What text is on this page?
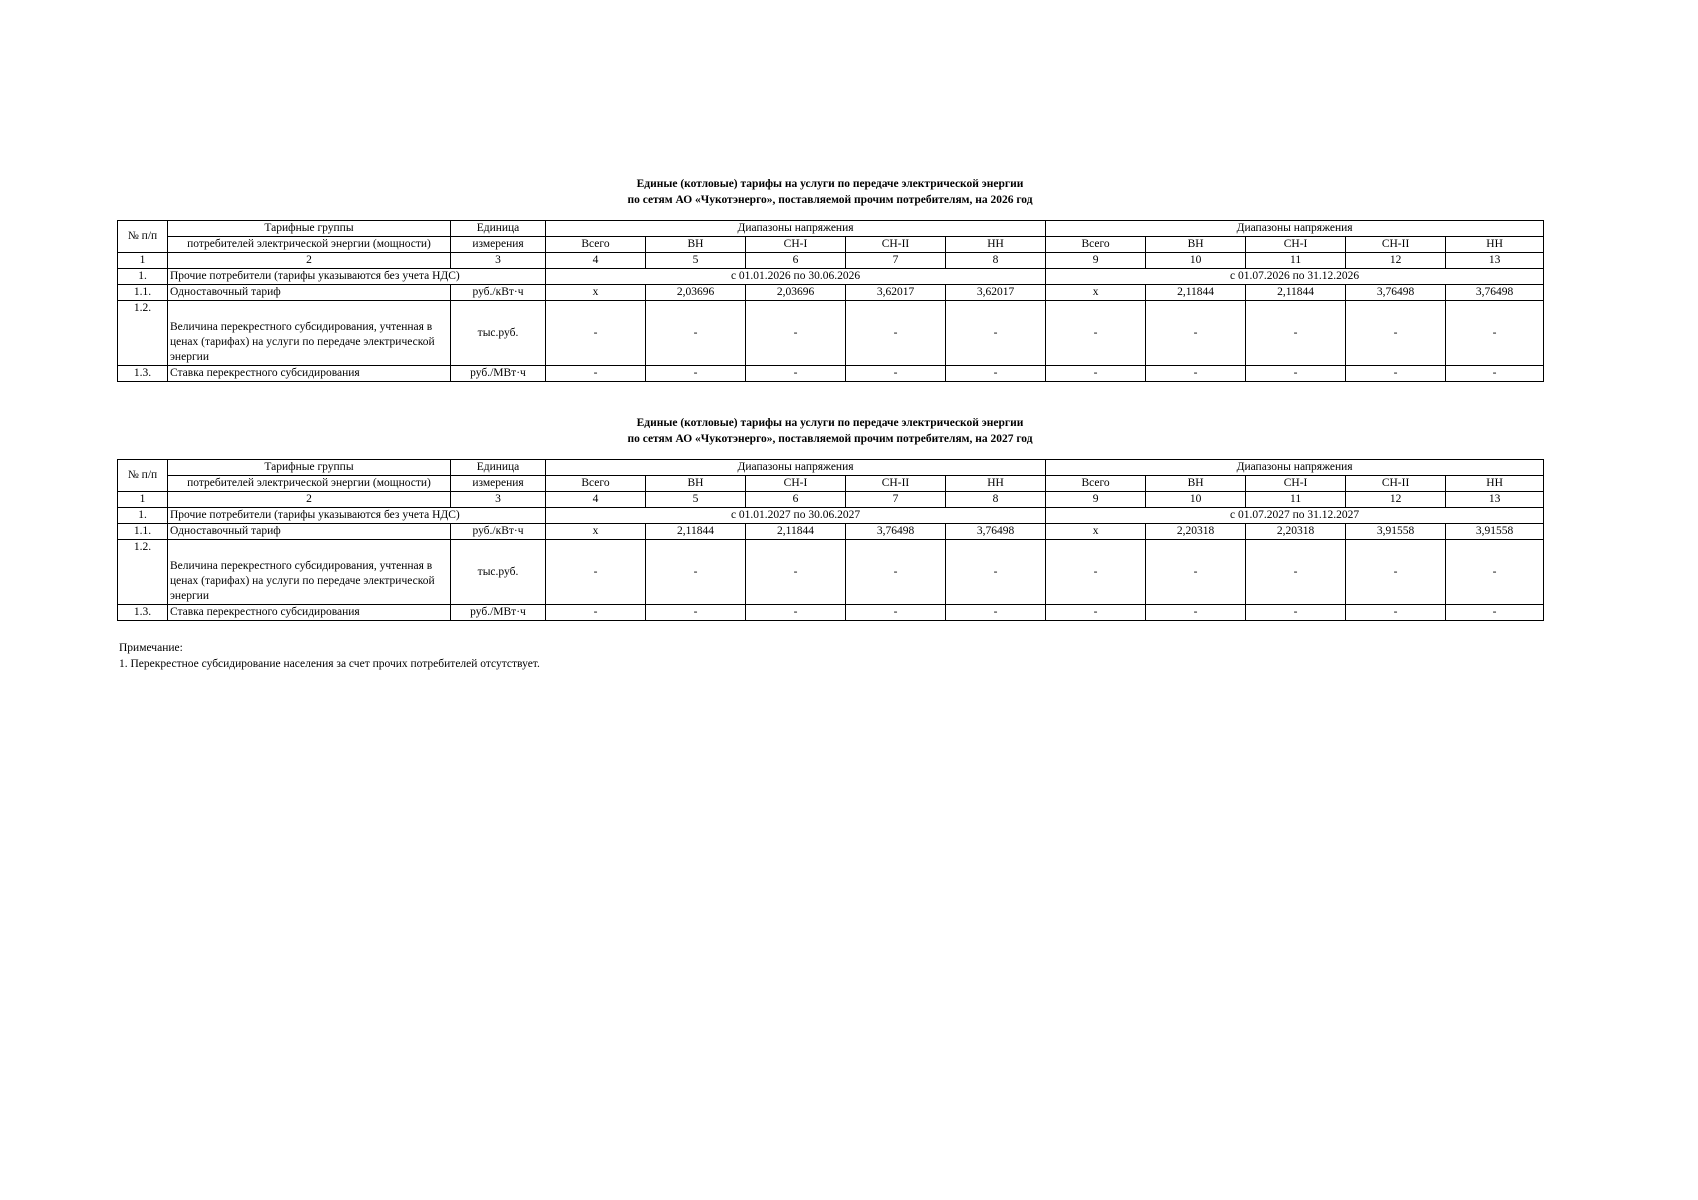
Единые (котловые) тарифы на услуги по передаче электрической энергии
по сетям АО «Чукотэнерго», поставляемой прочим потребителям, на 2026 год
№ п/п	Тарифные группы	Единица	Диапазоны напряжения					Диапазоны напряжения				
	потребителей электрической энергии (мощности)	измерения	Всего	ВН	СН-I	СН-II	НН	Всего	ВН	СН-I	СН-II	НН
1	2	3	4	5	6	7	8	9	10	11	12	13
1.	Прочие потребители (тарифы указываются без учета НДС)		с 01.01.2026 по 30.06.2026					с 01.07.2026 по 31.12.2026				
1.1.	Одноставочный тариф	руб./кВт·ч	х	2,03696	2,03696	3,62017	3,62017	х	2,11844	2,11844	3,76498	3,76498
1.2.	Величина перекрестного субсидирования, учтенная в ценах (тарифах) на услуги по передаче электрической энергии	тыс.руб.	-	-	-	-	-	-	-	-	-	-
1.3.	Ставка перекрестного субсидирования	руб./МВт·ч	-	-	-	-	-	-	-	-	-	-
Единые (котловые) тарифы на услуги по передаче электрической энергии
по сетям АО «Чукотэнерго», поставляемой прочим потребителям, на 2027 год
№ п/п	Тарифные группы	Единица	Диапазоны напряжения					Диапазоны напряжения				
	потребителей электрической энергии (мощности)	измерения	Всего	ВН	СН-I	СН-II	НН	Всего	ВН	СН-I	СН-II	НН
1	2	3	4	5	6	7	8	9	10	11	12	13
1.	Прочие потребители (тарифы указываются без учета НДС)		с 01.01.2027 по 30.06.2027					с 01.07.2027 по 31.12.2027				
1.1.	Одноставочный тариф	руб./кВт·ч	х	2,11844	2,11844	3,76498	3,76498	х	2,20318	2,20318	3,91558	3,91558
1.2.	Величина перекрестного субсидирования, учтенная в ценах (тарифах) на услуги по передаче электрической энергии	тыс.руб.	-	-	-	-	-	-	-	-	-	-
1.3.	Ставка перекрестного субсидирования	руб./МВт·ч	-	-	-	-	-	-	-	-	-	-
Примечание:
1. Перекрестное субсидирование населения за счет прочих потребителей отсутствует.
